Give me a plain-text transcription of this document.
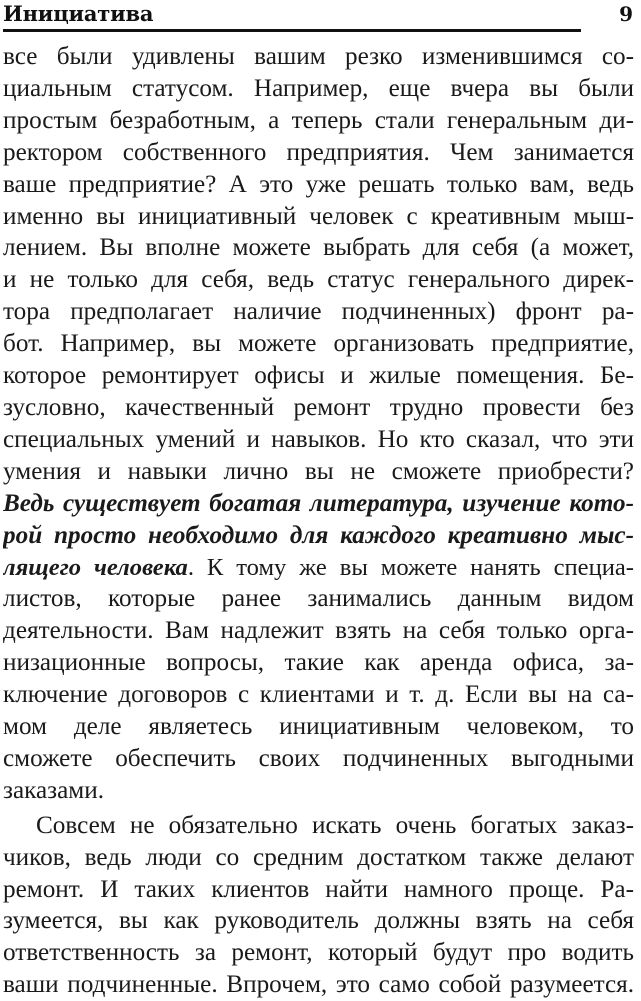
Инициатива	9
все были удивлены вашим резко изменившимся со-
циальным статусом. Например, еще вчера вы были
простым безработным, а теперь стали генеральным ди-
ректором собственного предприятия. Чем занимается
ваше предприятие? А это уже решать только вам, ведь
именно вы инициативный человек с креативным мыш-
лением. Вы вполне можете выбрать для себя (а может,
и не только для себя, ведь статус генерального дирек-
тора предполагает наличие подчиненных) фронт ра-
бот. Например, вы можете организовать предприятие,
которое ремонтирует офисы и жилые помещения. Бе-
зусловно, качественный ремонт трудно провести без
специальных умений и навыков. Но кто сказал, что эти
умения и навыки лично вы не сможете приобрести?
Ведь существует богатая литература, изучение кото-
рой просто необходимо для каждого креативно мыс-
лящего человека. К тому же вы можете нанять специа-
листов, которые ранее занимались данным видом
деятельности. Вам надлежит взять на себя только орга-
низационные вопросы, такие как аренда офиса, за-
ключение договоров с клиентами и т. д. Если вы на са-
мом деле являетесь инициативным человеком, то
сможете обеспечить своих подчиненных выгодными
заказами.
Совсем не обязательно искать очень богатых заказ-
чиков, ведь люди со средним достатком также делают
ремонт. И таких клиентов найти намного проще. Ра-
зумеется, вы как руководитель должны взять на себя
ответственность за ремонт, который будут про водить
ваши подчиненные. Впрочем, это само собой разумеется.
